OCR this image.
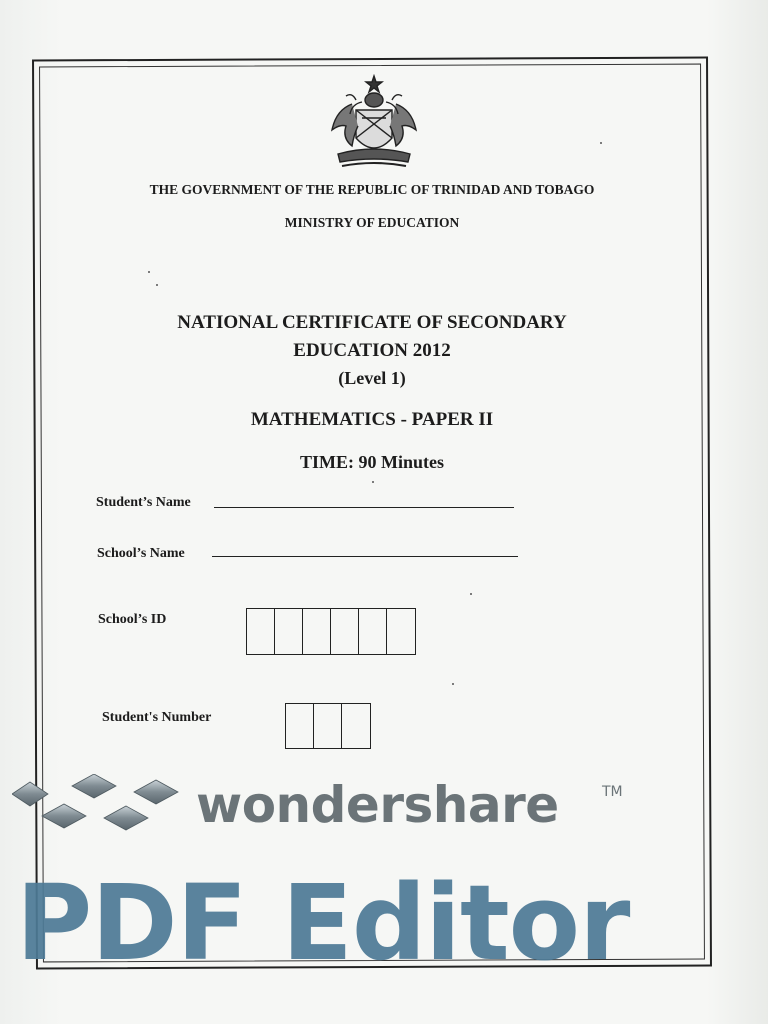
THE GOVERNMENT OF THE REPUBLIC OF TRINIDAD AND TOBAGO
MINISTRY OF EDUCATION
NATIONAL CERTIFICATE OF SECONDARY
EDUCATION 2012
(Level 1)
MATHEMATICS - PAPER II
TIME: 90 Minutes
Student’s Name
School’s Name
School’s ID
Student's Number
wondershare	TM
PDF Editor
